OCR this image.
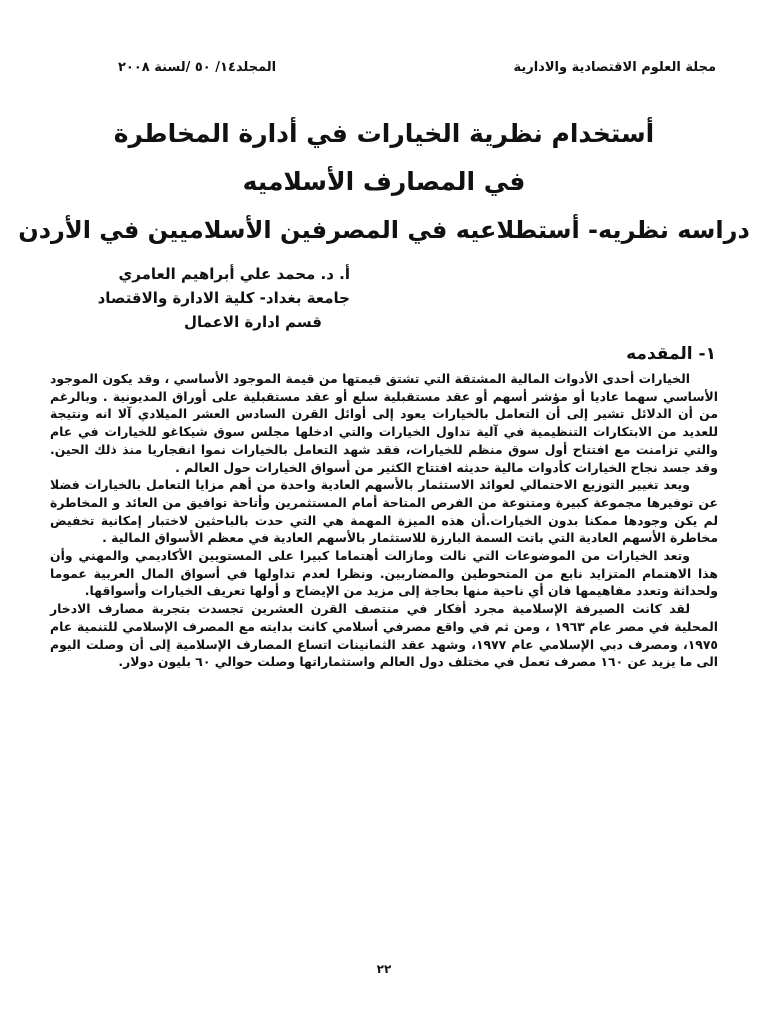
مجلة العلوم الاقتصادية والادارية
المجلد١٤/ ٥٠ /لسنة ٢٠٠٨
أستخدام نظرية الخيارات في أدارة المخاطرة
في المصارف الأسلاميه
دراسه نظريه- أستطلاعيه في المصرفين الأسلاميين في الأردن
أ. د. محمد علي أبراهيم العامري
جامعة بغداد- كلية الادارة والاقتصاد
قسم ادارة الاعمال
١- المقدمه

الخيارات أحدى الأدوات المالية المشتقة التي تشتق قيمتها من قيمة الموجود الأساسي ، وقد يكون الموجود الأساسي سهما عاديا أو مؤشر أسهم أو عقد مستقبلية سلع أو عقد مستقبلية على أوراق المديونية . وبالرغم من أن الدلائل تشير إلى أن التعامل بالخيارات يعود إلى أوائل القرن السادس العشر الميلادي آلا انه ونتيجة للعديد من الابتكارات التنظيمية في آلية تداول الخيارات والتي ادخلها مجلس سوق شيكاغو للخيارات في عام والتي تزامنت مع افتتاح أول سوق منظم للخيارات، فقد شهد التعامل بالخيارات نموا انفجاريا منذ ذلك الحين. وقد جسد نجاح الخيارات كأدوات مالية حديثه افتتاح الكثير من أسواق الخيارات حول العالم .

ويعد تغيير التوزيع الاحتمالي لعوائد الاستثمار بالأسهم العادية واحدة من أهم مزايا التعامل بالخيارات فضلا عن توفيرها مجموعة كبيرة ومتنوعة من الفرص المتاحة أمام المستثمرين وأتاحة توافيق من العائد و المخاطرة لم يكن وجودها ممكنا بدون الخيارات.أن هذه الميزة المهمة هي التي حدت بالباحثين لاختبار إمكانية تخفيض مخاطرة الأسهم العادية التي باتت السمة البارزة للاستثمار بالأسهم العادية في معظم الأسواق المالية .

وتعد الخيارات من الموضوعات التي نالت ومازالت أهتماما كبيرا على المستويين الأكاديمي والمهني وأن هذا الاهتمام المتزايد نابع من المتحوطين والمضاربين. ونظرا لعدم تداولها في أسواق المال العربية عموما ولحداثة وتعدد مفاهيمها فان أي ناحية منها بحاجة إلى مزيد من الإيضاح و أولها تعريف الخيارات وأسواقها.

لقد كانت الصيرفة الإسلامية مجرد أفكار في منتصف القرن العشرين تجسدت بتجربة مصارف الادخار المحلية في مصر عام ١٩٦٣ ، ومن ثم في واقع مصرفي أسلامي كانت بدايته مع المصرف الإسلامي للتنمية عام ١٩٧٥، ومصرف دبي الإسلامي عام ١٩٧٧، وشهد عقد الثمانينات اتساع المصارف الإسلامية إلى أن وصلت اليوم الى ما يزيد عن ١٦٠ مصرف تعمل في مختلف دول العالم واستثماراتها وصلت حوالي ٦٠ بليون دولار.

٢٢
